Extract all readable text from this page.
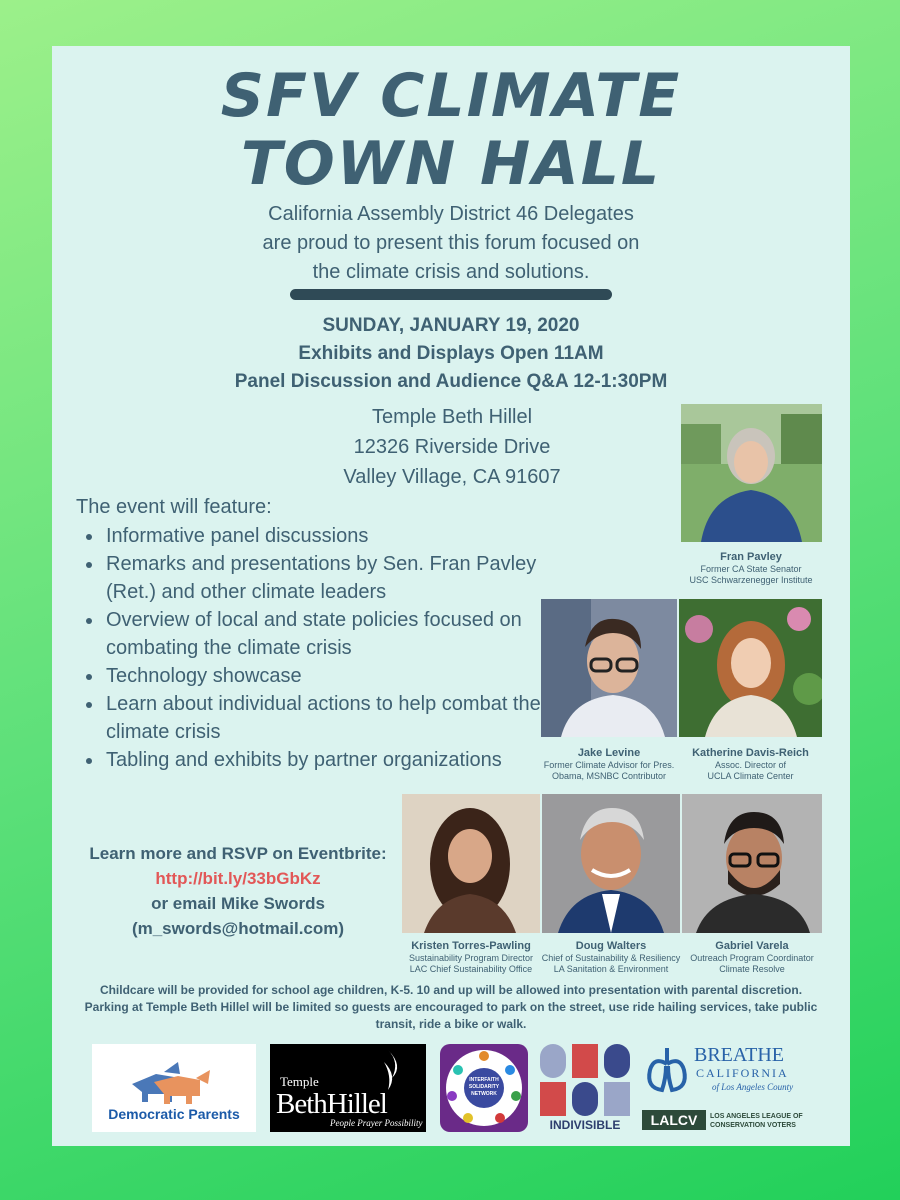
SFV CLIMATE
TOWN HALL
California Assembly District 46 Delegates
are proud to present this forum focused on
the climate crisis and solutions.
SUNDAY, JANUARY 19, 2020
Exhibits and Displays Open 11AM
Panel Discussion and Audience Q&A 12-1:30PM
Temple Beth Hillel
12326 Riverside Drive
Valley Village, CA 91607
The event will feature:
• Informative panel discussions
• Remarks and presentations by Sen. Fran Pavley (Ret.) and other climate leaders
• Overview of local and state policies focused on combating the climate crisis
• Technology showcase
• Learn about individual actions to help combat the climate crisis
• Tabling and exhibits by partner organizations
Fran Pavley
Former CA State Senator
USC Schwarzenegger Institute
Jake Levine
Former Climate Advisor for Pres.
Obama, MSNBC Contributor
Katherine Davis-Reich
Assoc. Director of
UCLA Climate Center
Kristen Torres-Pawling
Sustainability Program Director
LAC Chief Sustainability Office
Doug Walters
Chief of Sustainability & Resiliency
LA Sanitation & Environment
Gabriel Varela
Outreach Program Coordinator
Climate Resolve
Learn more and RSVP on Eventbrite:
http://bit.ly/33bGbKz
or email Mike Swords
(m_swords@hotmail.com)
Childcare will be provided for school age children, K-5. 10 and up will be allowed into presentation with parental discretion.
Parking at Temple Beth Hillel will be limited so guests are encouraged to park on the street, use ride hailing services, take public transit, ride a bike or walk.
Democratic Parents
Temple
BethHillel
People Prayer Possibility
INTERFAITH SOLIDARITY NETWORK
INDIVISIBLE
BREATHE
CALIFORNIA
of Los Angeles County
LALCV	LOS ANGELES LEAGUE OF
CONSERVATION VOTERS
